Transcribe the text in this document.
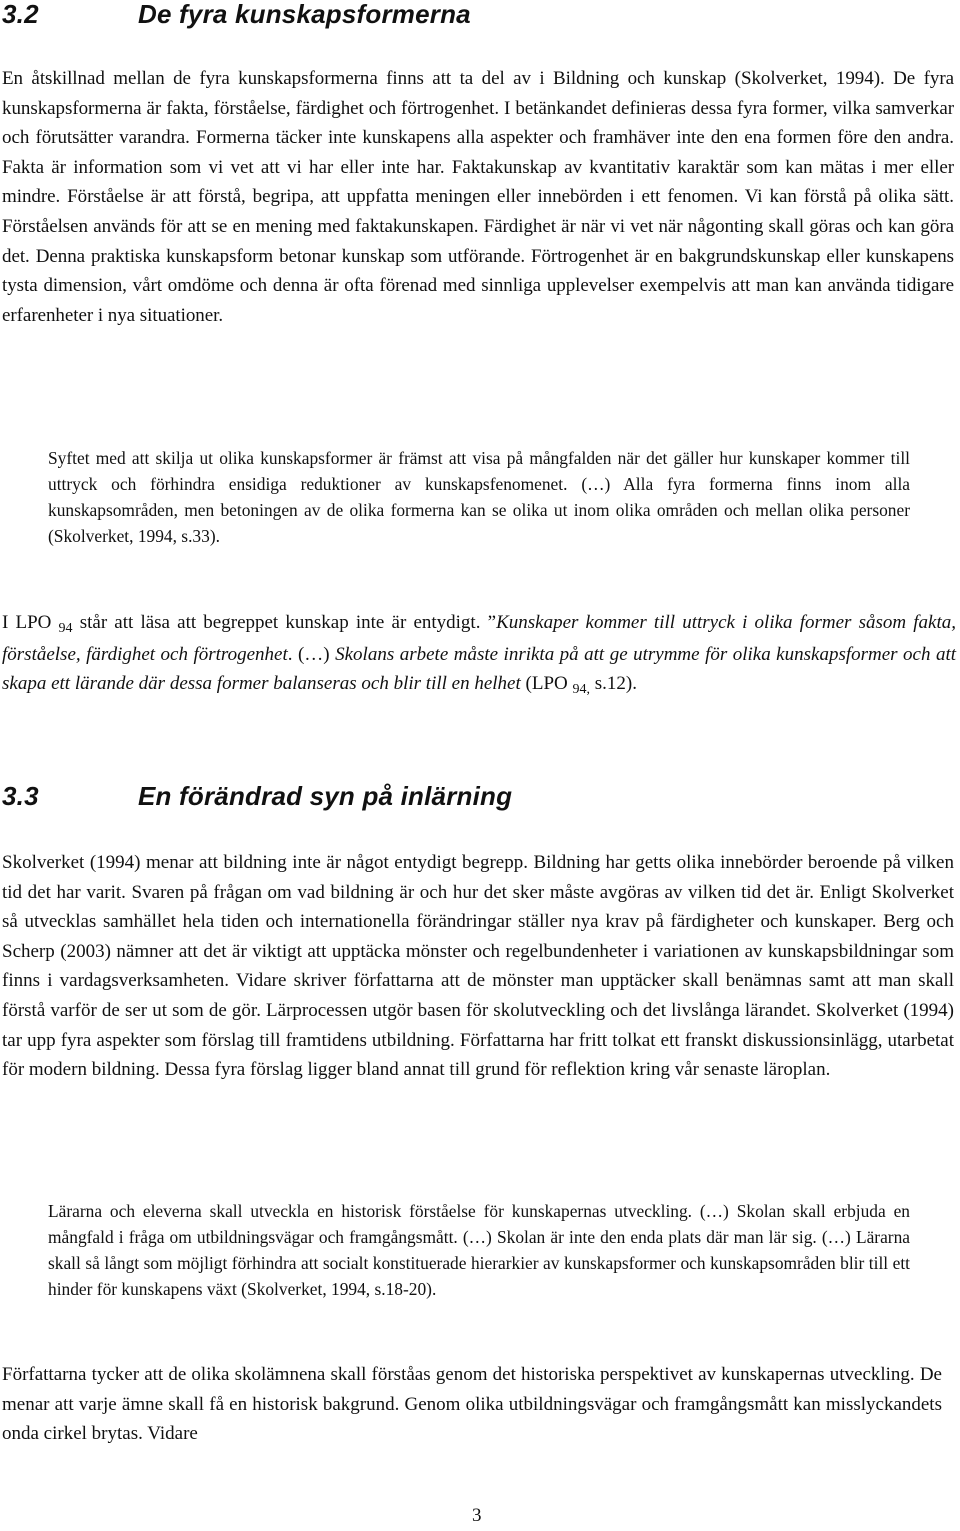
3.2	De fyra kunskapsformerna

En åtskillnad mellan de fyra kunskapsformerna finns att ta del av i Bildning och kunskap (Skolverket, 1994). De fyra kunskapsformerna är fakta, förståelse, färdighet och förtrogenhet. I betänkandet definieras dessa fyra former, vilka samverkar och förutsätter varandra. Formerna täcker inte kunskapens alla aspekter och framhäver inte den ena formen före den andra. Fakta är information som vi vet att vi har eller inte har. Faktakunskap av kvantitativ karaktär som kan mätas i mer eller mindre. Förståelse är att förstå, begripa, att uppfatta meningen eller innebörden i ett fenomen. Vi kan förstå på olika sätt. Förståelsen används för att se en mening med faktakunskapen. Färdighet är när vi vet när någonting skall göras och kan göra det. Denna praktiska kunskapsform betonar kunskap som utförande. Förtrogenhet är en bakgrundskunskap eller kunskapens tysta dimension, vårt omdöme och denna är ofta förenad med sinnliga upplevelser exempelvis att man kan använda tidigare erfarenheter i nya situationer.

Syftet med att skilja ut olika kunskapsformer är främst att visa på mångfalden när det gäller hur kunskaper kommer till uttryck och förhindra ensidiga reduktioner av kunskapsfenomenet. (…) Alla fyra formerna finns inom alla kunskapsområden, men betoningen av de olika formerna kan se olika ut inom olika områden och mellan olika personer (Skolverket, 1994, s.33).

I LPO $_{94}$ står att läsa att begreppet kunskap inte är entydigt. ”Kunskaper kommer till uttryck i olika former såsom fakta, förståelse, färdighet och förtrogenhet. (…) Skolans arbete måste inrikta på att ge utrymme för olika kunskapsformer och att skapa ett lärande där dessa former balanseras och blir till en helhet (LPO $_{94,}$ s.12).

3.3	En förändrad syn på inlärning

Skolverket (1994) menar att bildning inte är något entydigt begrepp. Bildning har getts olika innebörder beroende på vilken tid det har varit. Svaren på frågan om vad bildning är och hur det sker måste avgöras av vilken tid det är. Enligt Skolverket så utvecklas samhället hela tiden och internationella förändringar ställer nya krav på färdigheter och kunskaper. Berg och Scherp (2003) nämner att det är viktigt att upptäcka mönster och regelbundenheter i variationen av kunskapsbildningar som finns i vardagsverksamheten. Vidare skriver författarna att de mönster man upptäcker skall benämnas samt att man skall förstå varför de ser ut som de gör. Lärprocessen utgör basen för skolutveckling och det livslånga lärandet. Skolverket (1994) tar upp fyra aspekter som förslag till framtidens utbildning. Författarna har fritt tolkat ett franskt diskussionsinlägg, utarbetat för modern bildning. Dessa fyra förslag ligger bland annat till grund för reflektion kring vår senaste läroplan.

Lärarna och eleverna skall utveckla en historisk förståelse för kunskapernas utveckling. (…) Skolan skall erbjuda en mångfald i fråga om utbildningsvägar och framgångsmått. (…) Skolan är inte den enda plats där man lär sig. (…) Lärarna skall så långt som möjligt förhindra att socialt konstituerade hierarkier av kunskapsformer och kunskapsområden blir till ett hinder för kunskapens växt (Skolverket, 1994, s.18-20).

Författarna tycker att de olika skolämnena skall förståas genom det historiska perspektivet av kunskapernas utveckling. De menar att varje ämne skall få en historisk bakgrund. Genom olika utbildningsvägar och framgångsmått kan misslyckandets onda cirkel brytas. Vidare

3
